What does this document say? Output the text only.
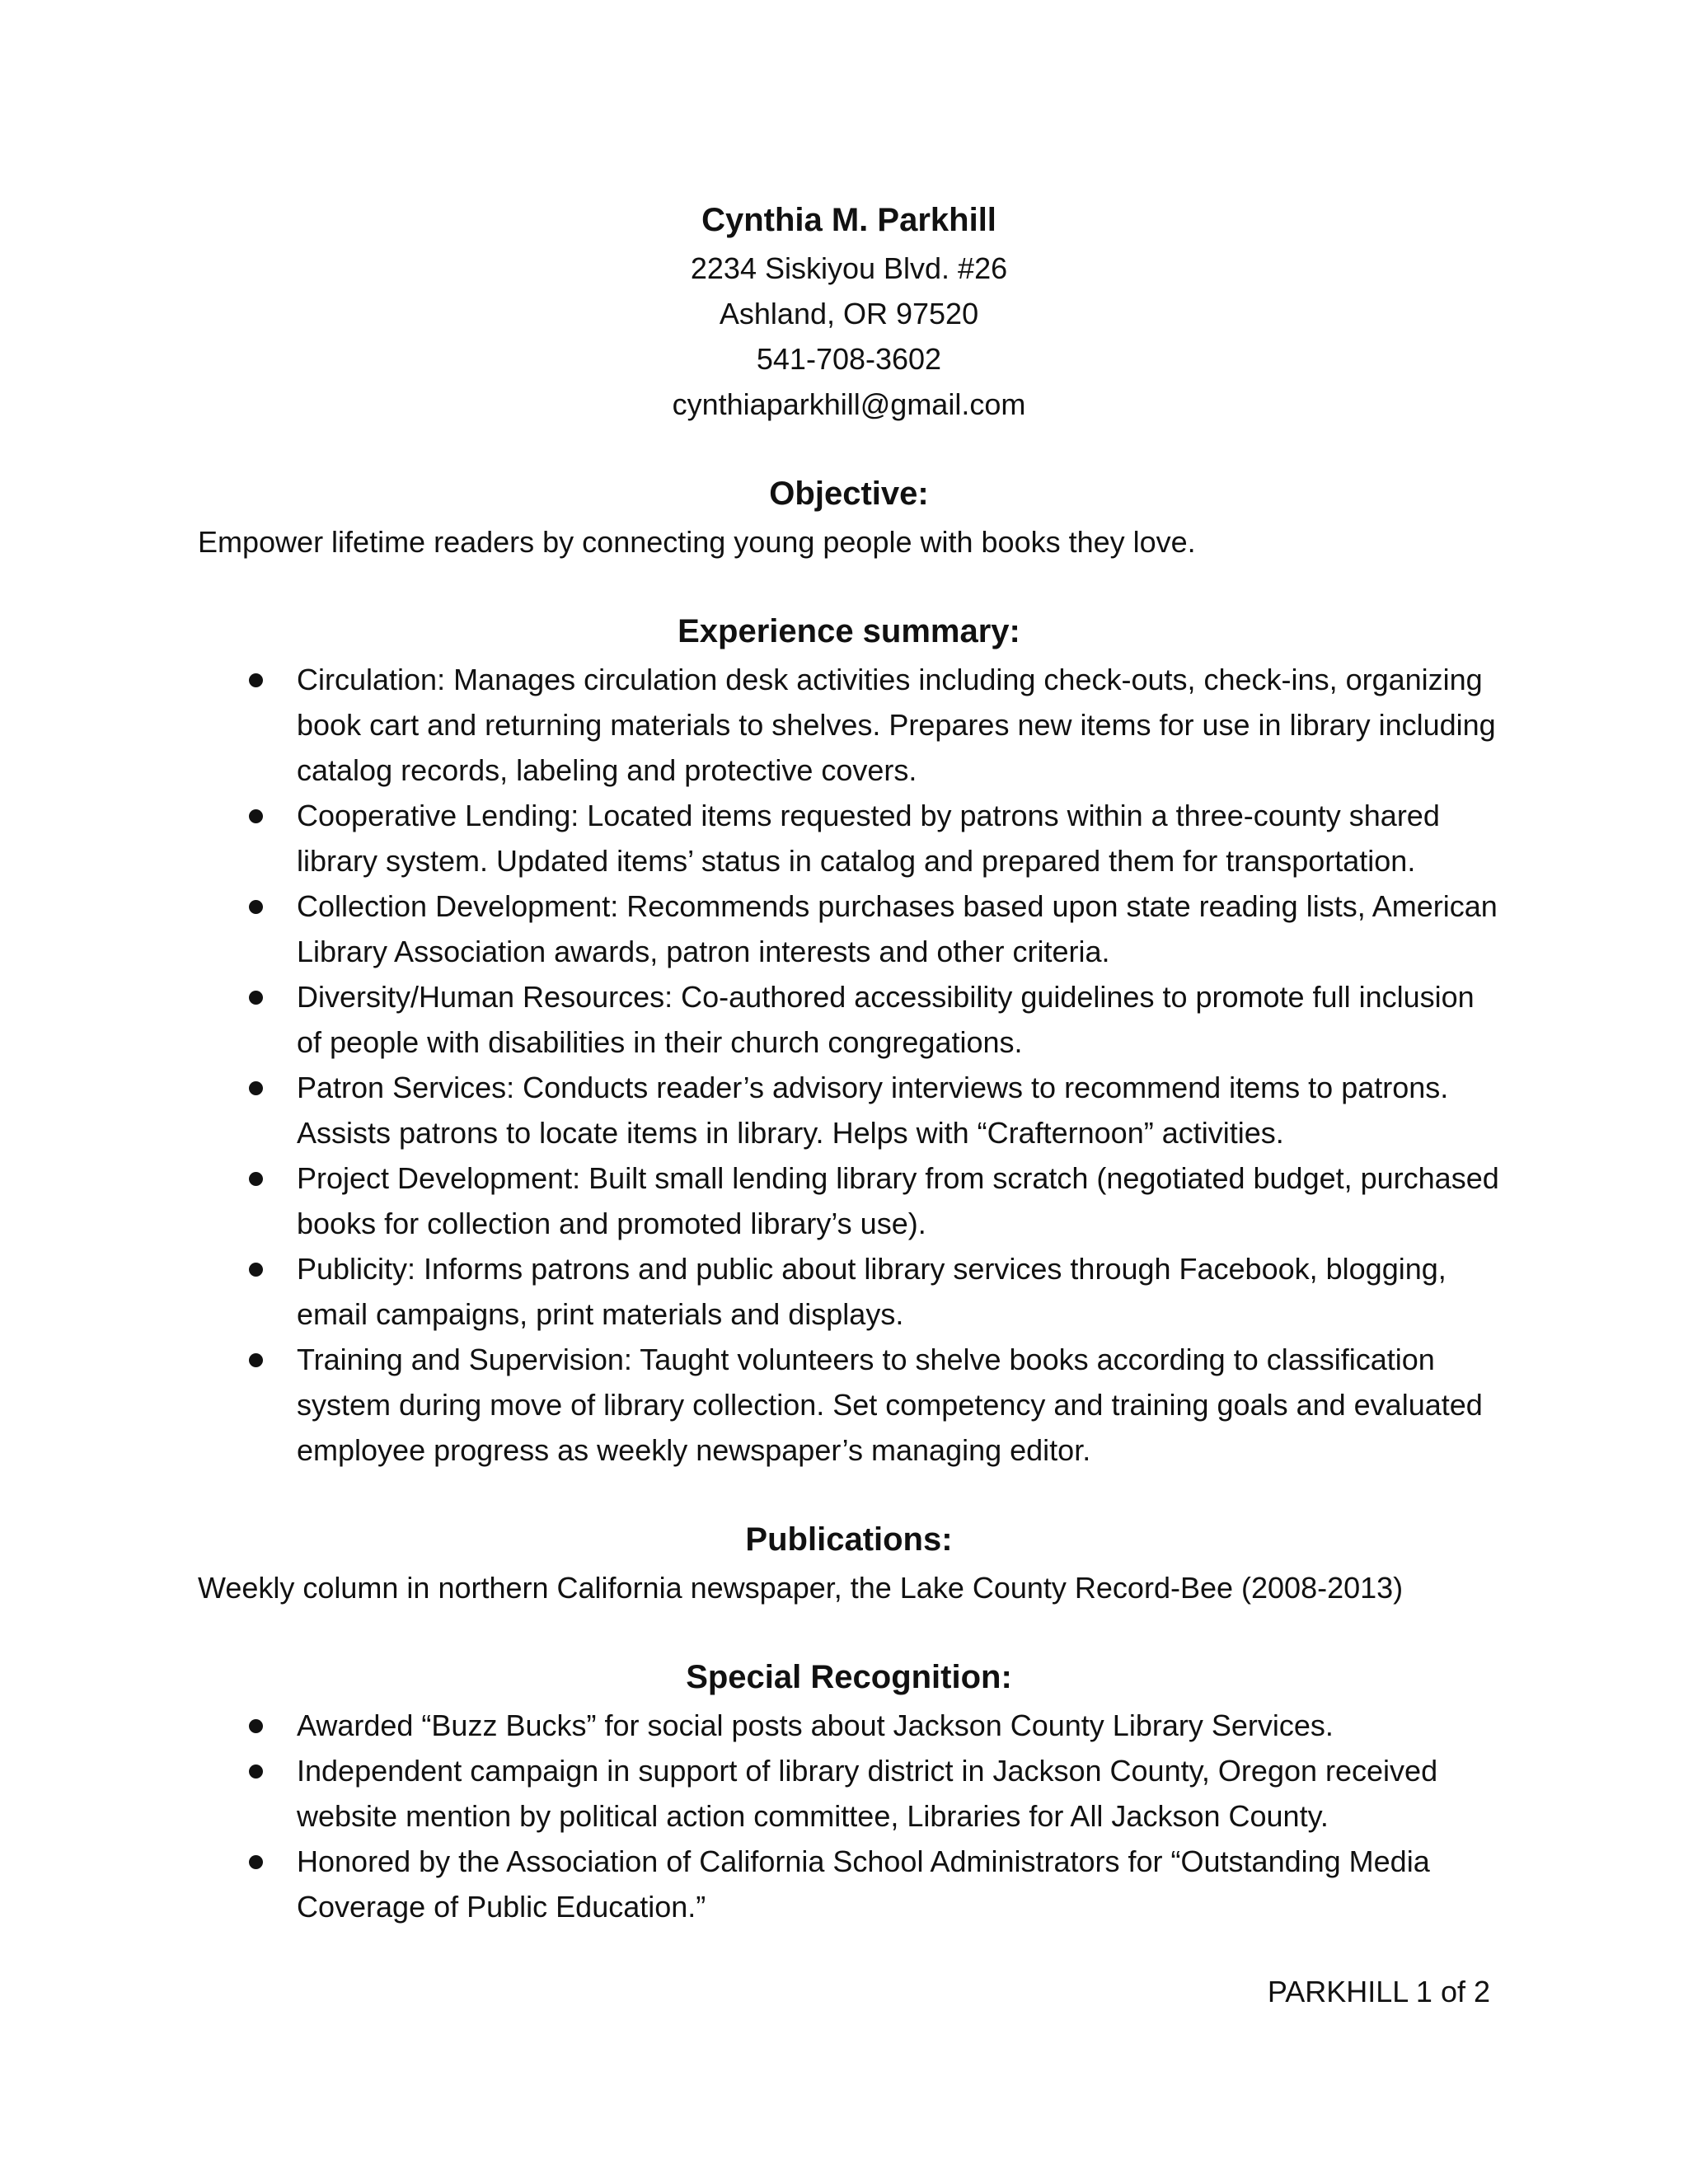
Cynthia M. Parkhill
2234 Siskiyou Blvd. #26
Ashland, OR 97520
541-708-3602
cynthiaparkhill@gmail.com
Objective:

Empower lifetime readers by connecting young people with books they love.

Experience summary:
Circulation: Manages circulation desk activities including check-outs, check-ins, organizing book cart and returning materials to shelves. Prepares new items for use in library including catalog records, labeling and protective covers.
Cooperative Lending: Located items requested by patrons within a three-county shared library system. Updated items’ status in catalog and prepared them for transportation.
Collection Development: Recommends purchases based upon state reading lists, American Library Association awards, patron interests and other criteria.
Diversity/Human Resources: Co-authored accessibility guidelines to promote full inclusion of people with disabilities in their church congregations.
Patron Services: Conducts reader’s advisory interviews to recommend items to patrons. Assists patrons to locate items in library. Helps with “Crafternoon” activities.
Project Development: Built small lending library from scratch (negotiated budget, purchased books for collection and promoted library’s use).
Publicity: Informs patrons and public about library services through Facebook, blogging, email campaigns, print materials and displays.
Training and Supervision: Taught volunteers to shelve books according to classification system during move of library collection. Set competency and training goals and evaluated employee progress as weekly newspaper’s managing editor.
Publications:

Weekly column in northern California newspaper, the Lake County Record-Bee (2008-2013)

Special Recognition:
Awarded “Buzz Bucks” for social posts about Jackson County Library Services.
Independent campaign in support of library district in Jackson County, Oregon received website mention by political action committee, Libraries for All Jackson County.
Honored by the Association of California School Administrators for “Outstanding Media Coverage of Public Education.”
PARKHILL 1 of 2
